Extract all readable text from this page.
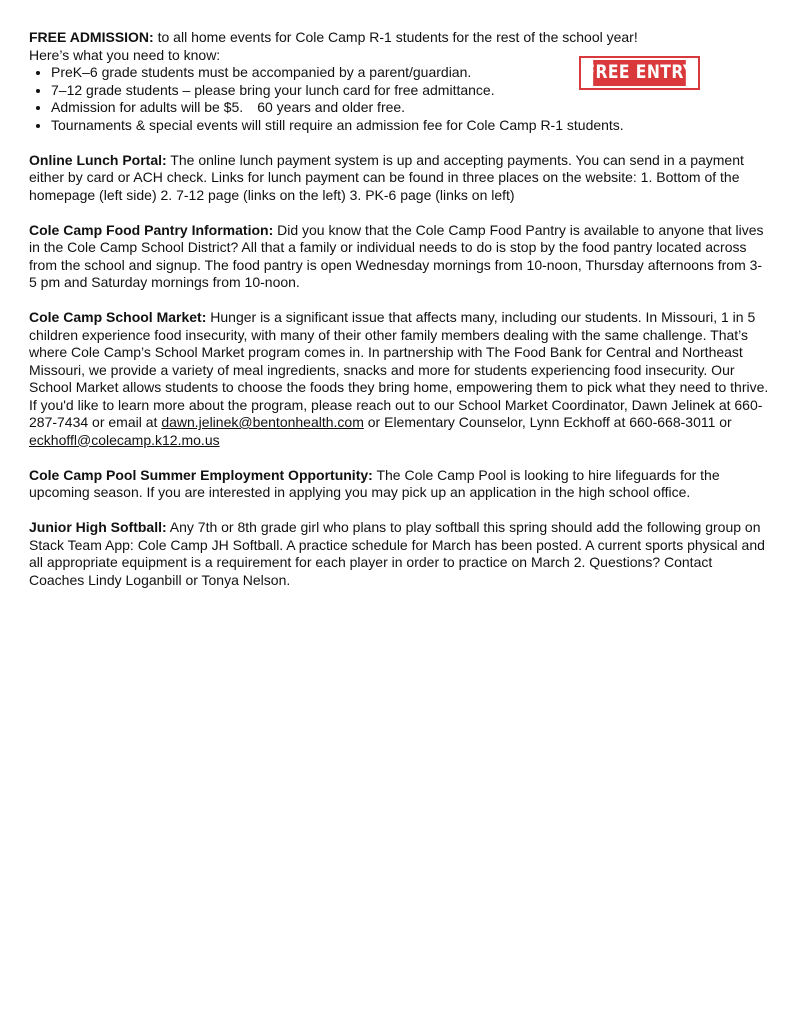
FREE ENTRY

FREE ADMISSION: to all home events for Cole Camp R-1 students for the rest of the school year!

Here’s what you need to know:

• PreK–6 grade students must be accompanied by a parent/guardian.
• 7–12 grade students – please bring your lunch card for free admittance.
• Admission for adults will be $5. 60 years and older free.
• Tournaments & special events will still require an admission fee for Cole Camp R-1 students.

Online Lunch Portal: The online lunch payment system is up and accepting payments. You can send in a payment either by card or ACH check. Links for lunch payment can be found in three places on the website: 1. Bottom of the homepage (left side) 2. 7-12 page (links on the left) 3. PK-6 page (links on left)

Cole Camp Food Pantry Information: Did you know that the Cole Camp Food Pantry is available to anyone that lives in the Cole Camp School District? All that a family or individual needs to do is stop by the food pantry located across from the school and signup. The food pantry is open Wednesday mornings from 10-noon, Thursday afternoons from 3-5 pm and Saturday mornings from 10-noon.

Cole Camp School Market: Hunger is a significant issue that affects many, including our students. In Missouri, 1 in 5 children experience food insecurity, with many of their other family members dealing with the same challenge. That’s where Cole Camp’s School Market program comes in. In partnership with The Food Bank for Central and Northeast Missouri, we provide a variety of meal ingredients, snacks and more for students experiencing food insecurity. Our School Market allows students to choose the foods they bring home, empowering them to pick what they need to thrive. If you'd like to learn more about the program, please reach out to our School Market Coordinator, Dawn Jelinek at 660-287-7434 or email at dawn.jelinek@bentonhealth.com or Elementary Counselor, Lynn Eckhoff at 660-668-3011 or eckhoffl@colecamp.k12.mo.us

Cole Camp Pool Summer Employment Opportunity: The Cole Camp Pool is looking to hire lifeguards for the upcoming season. If you are interested in applying you may pick up an application in the high school office.

Junior High Softball: Any 7th or 8th grade girl who plans to play softball this spring should add the following group on Stack Team App: Cole Camp JH Softball. A practice schedule for March has been posted. A current sports physical and all appropriate equipment is a requirement for each player in order to practice on March 2. Questions? Contact Coaches Lindy Loganbill or Tonya Nelson.
